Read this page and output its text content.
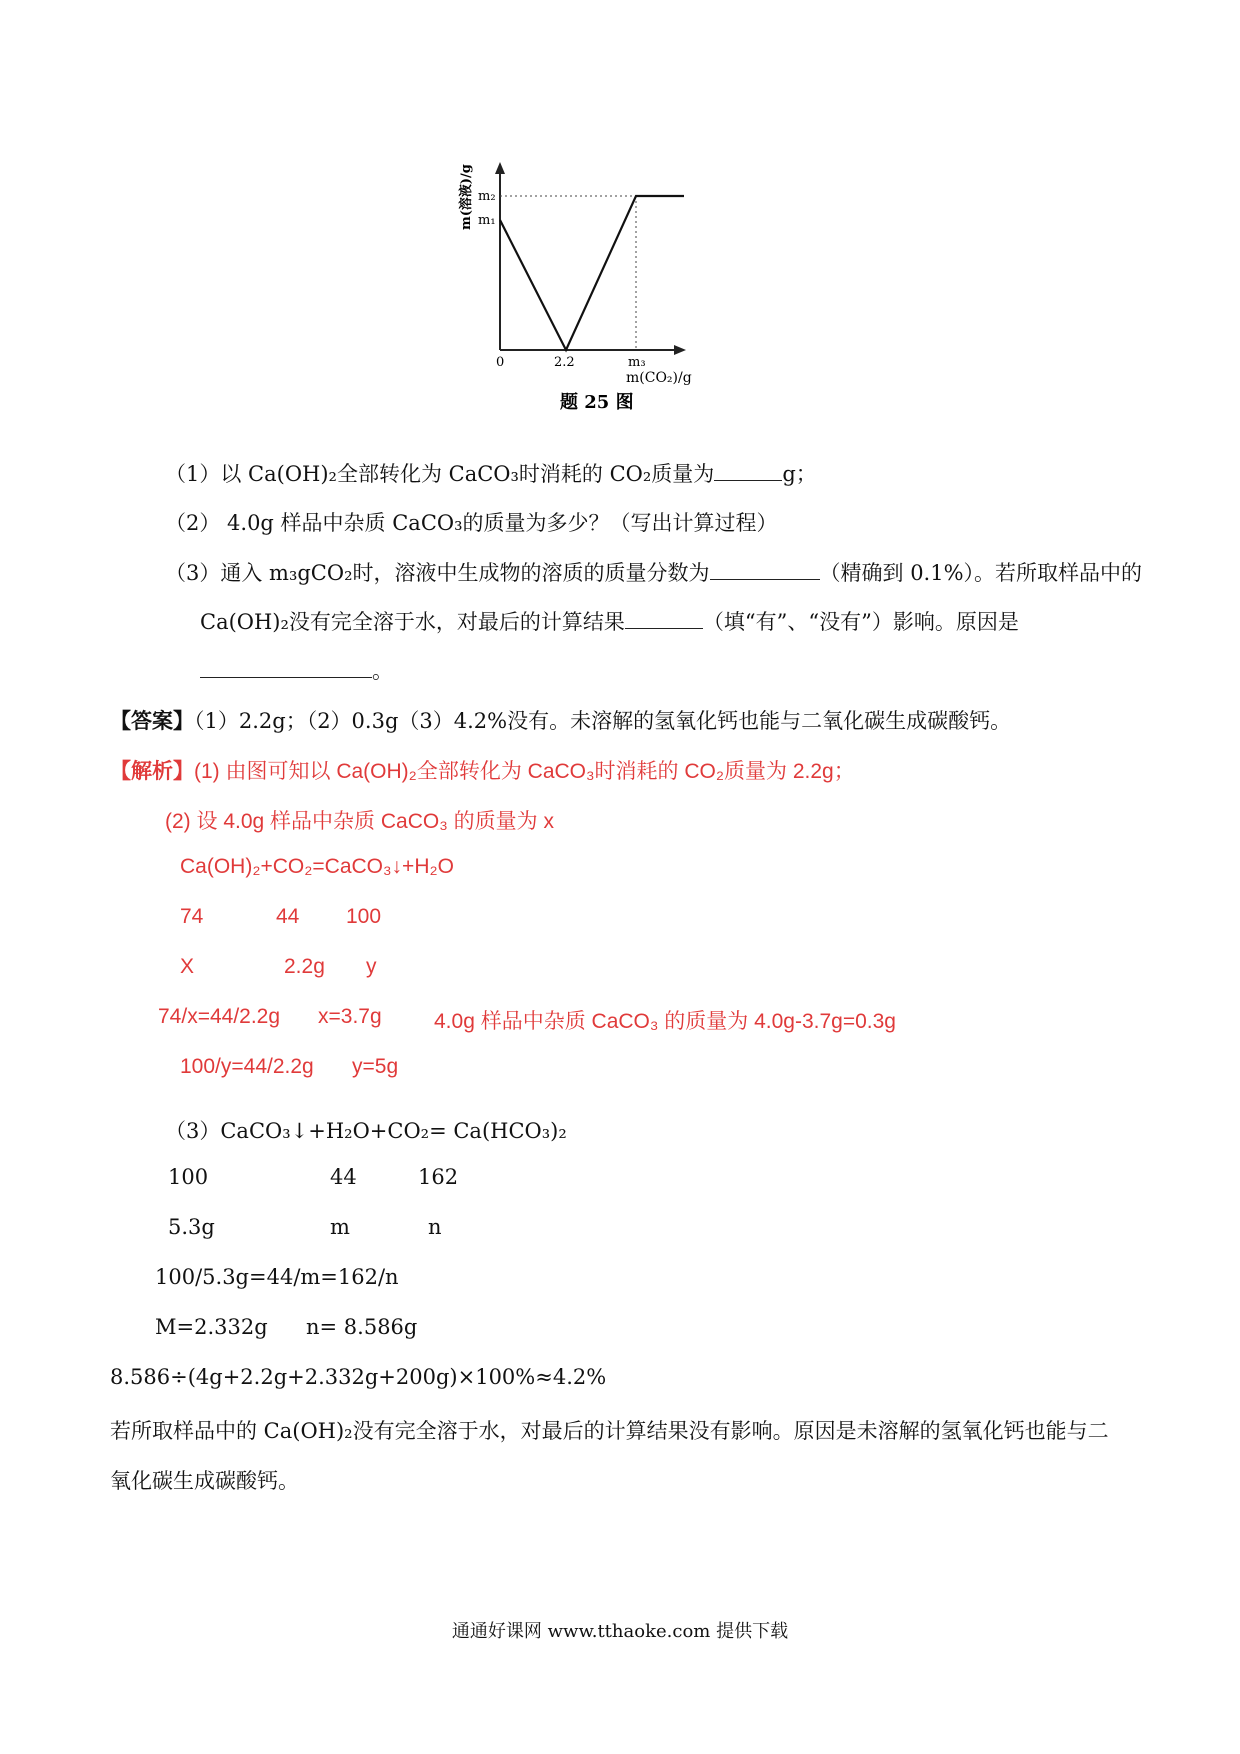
m₂
m₁
0	2.2	m₃
m(CO₂)/g
m(溶液)/g
题 25 图
（1）以 Ca(OH)₂全部转化为 CaCO₃时消耗的 CO₂质量为	g；
（2） 4.0g 样品中杂质 CaCO₃的质量为多少？（写出计算过程）
（3）通入 m₃gCO₂时，溶液中生成物的溶质的质量分数为	（精确到 0.1%）。若所取样品中的
Ca(OH)₂没有完全溶于水，对最后的计算结果	（填“有”、“没有”）影响。原因是
。
【答案】（1）2.2g；（2）0.3g（3）4.2%没有。未溶解的氢氧化钙也能与二氧化碳生成碳酸钙。
【解析】(1) 由图可知以 Ca(OH)₂全部转化为 CaCO₃时消耗的 CO₂质量为 2.2g；
(2) 设 4.0g 样品中杂质 CaCO₃ 的质量为 x
Ca(OH)₂+CO₂=CaCO₃↓+H₂O
74	44 100
X	2.2g y
74/x=44/2.2g x=3.7g 4.0g 样品中杂质 CaCO₃ 的质量为 4.0g-3.7g=0.3g
100/y=44/2.2g y=5g
（3）CaCO₃↓+H₂O+CO₂= Ca(HCO₃)₂
100	44	162
5.3g	m	n
100/5.3g=44/m=162/n
M=2.332g n= 8.586g
8.586÷(4g+2.2g+2.332g+200g)×100%≈4.2%
若所取样品中的 Ca(OH)₂没有完全溶于水，对最后的计算结果没有影响。原因是未溶解的氢氧化钙也能与二
氧化碳生成碳酸钙。
通通好课网 www.tthaoke.com 提供下载
